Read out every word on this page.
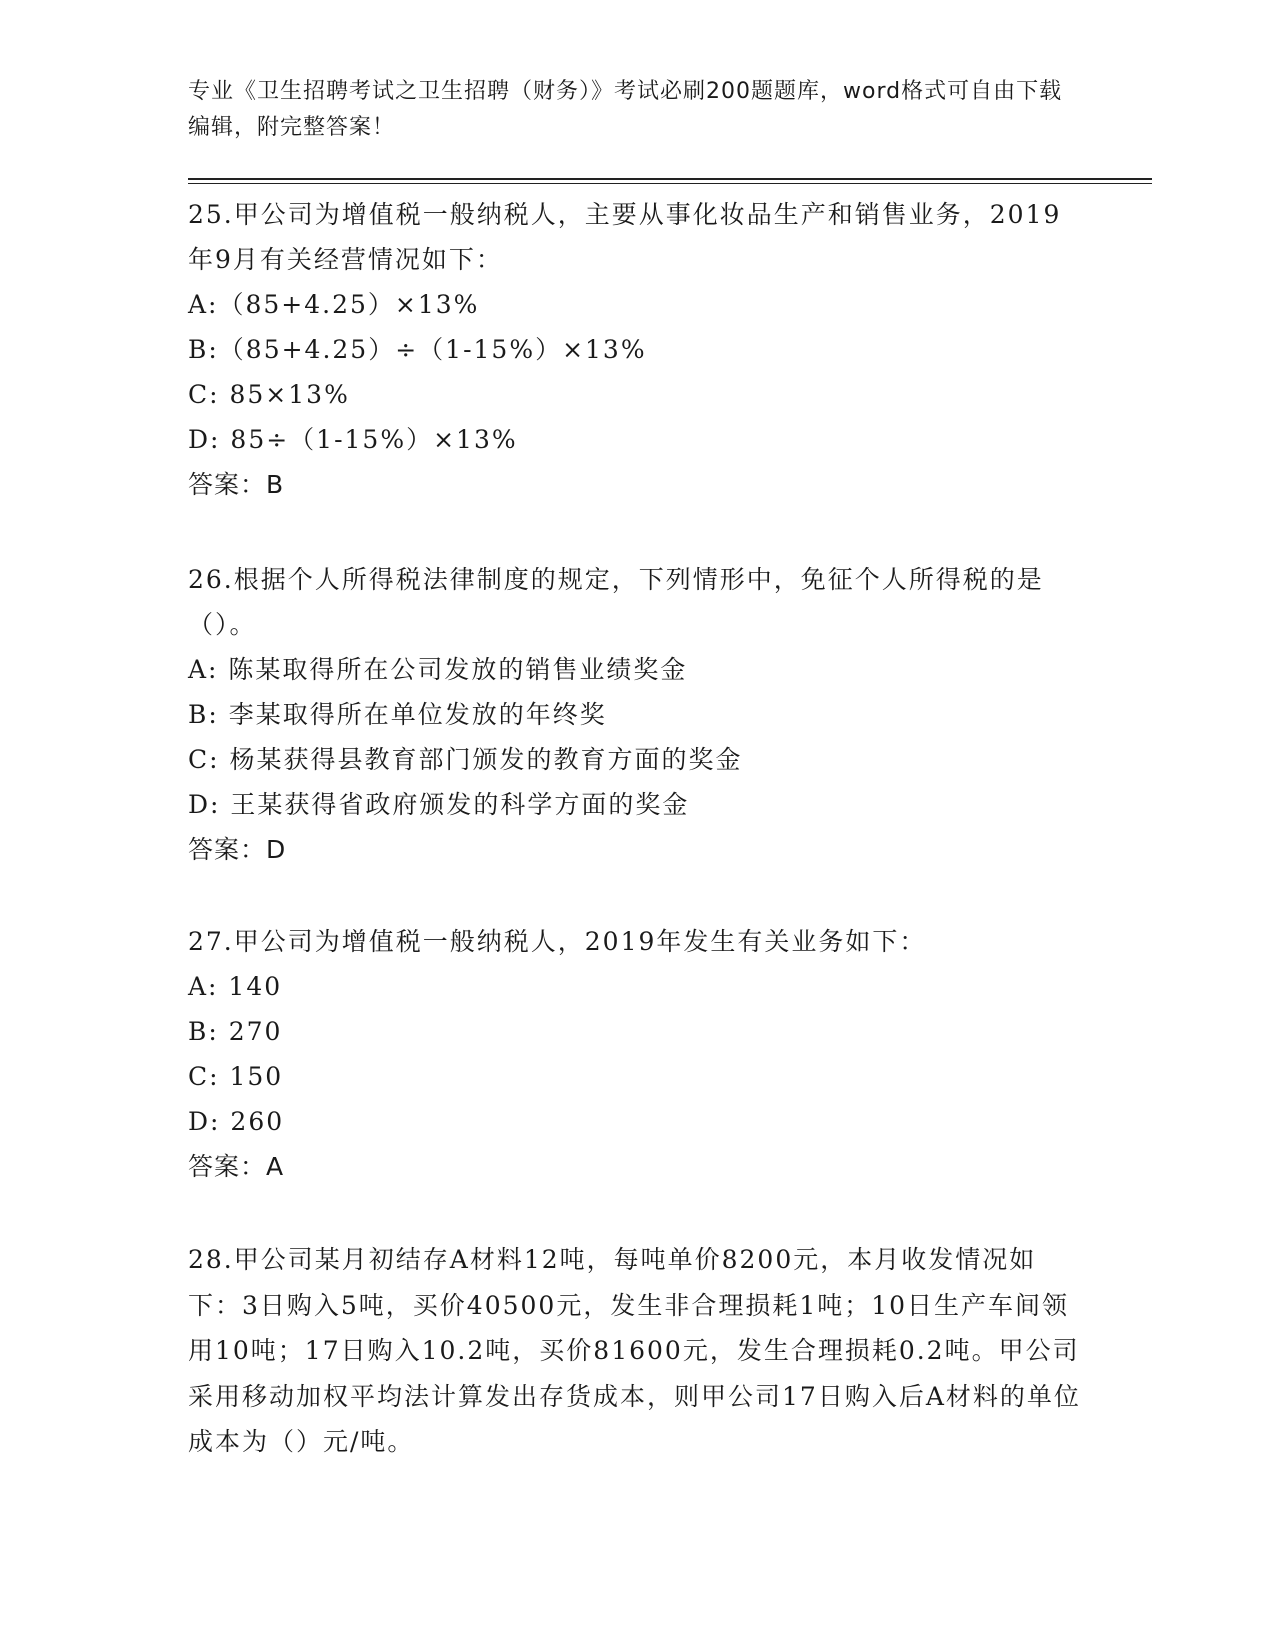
专业《卫生招聘考试之卫生招聘（财务）》考试必刷200题题库，word格式可自由下载编辑，附完整答案！
25.甲公司为增值税一般纳税人，主要从事化妆品生产和销售业务，2019年9月有关经营情况如下：
A:（85+4.25）×13%
B:（85+4.25）÷（1-15%）×13%
C: 85×13%
D: 85÷（1-15%）×13%
答案：B
26.根据个人所得税法律制度的规定，下列情形中，免征个人所得税的是（）。
A: 陈某取得所在公司发放的销售业绩奖金
B: 李某取得所在单位发放的年终奖
C: 杨某获得县教育部门颁发的教育方面的奖金
D: 王某获得省政府颁发的科学方面的奖金
答案：D
27.甲公司为增值税一般纳税人，2019年发生有关业务如下：
A: 140
B: 270
C: 150
D: 260
答案：A
28.甲公司某月初结存A材料12吨，每吨单价8200元，本月收发情况如下：3日购入5吨，买价40500元，发生非合理损耗1吨；10日生产车间领用10吨；17日购入10.2吨，买价81600元，发生合理损耗0.2吨。甲公司采用移动加权平均法计算发出存货成本，则甲公司17日购入后A材料的单位成本为（）元/吨。
